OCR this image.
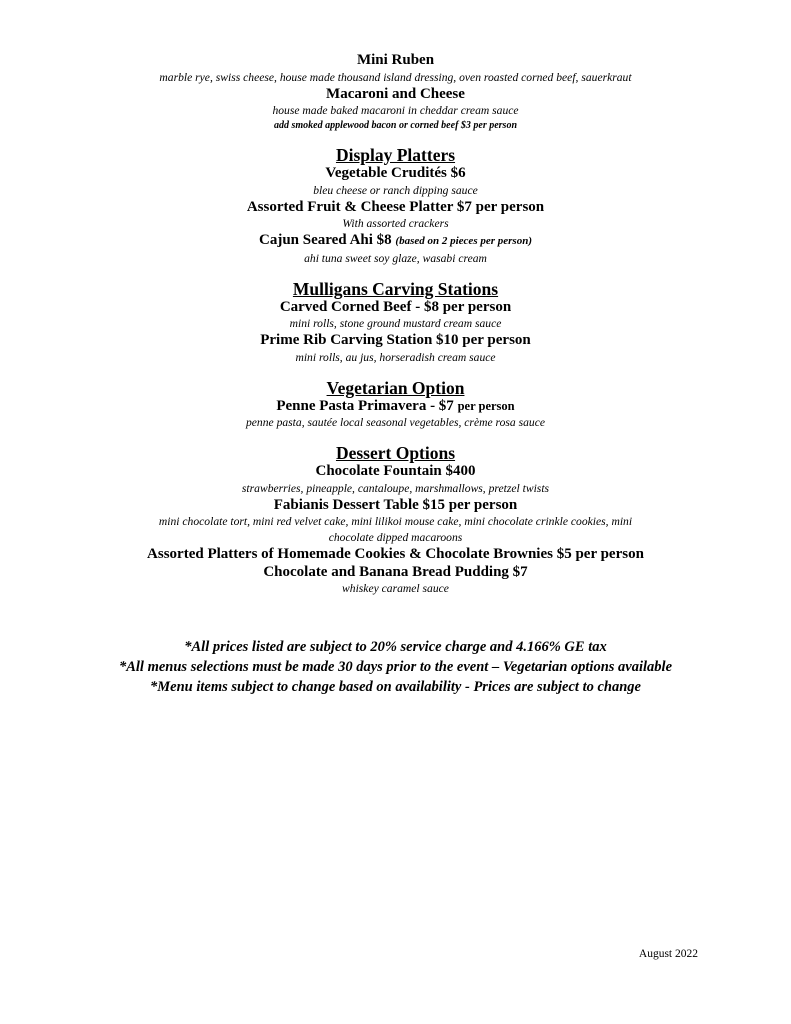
Mini Ruben
marble rye, swiss cheese, house made thousand island dressing, oven roasted corned beef, sauerkraut
Macaroni and Cheese
house made baked macaroni in cheddar cream sauce
add smoked applewood bacon or corned beef $3 per person
Display Platters
Vegetable Crudités $6
bleu cheese or ranch dipping sauce
Assorted Fruit & Cheese Platter $7 per person
With assorted crackers
Cajun Seared Ahi $8 (based on 2 pieces per person)
ahi tuna sweet soy glaze, wasabi cream
Mulligans Carving Stations
Carved Corned Beef - $8 per person
mini rolls, stone ground mustard cream sauce
Prime Rib Carving Station $10 per person
mini rolls, au jus, horseradish cream sauce
Vegetarian Option
Penne Pasta Primavera - $7 per person
penne pasta, sautée local seasonal vegetables, crème rosa sauce
Dessert Options
Chocolate Fountain $400
strawberries, pineapple, cantaloupe, marshmallows, pretzel twists
Fabianis Dessert Table $15 per person
mini chocolate tort, mini red velvet cake, mini lilikoi mouse cake, mini chocolate crinkle cookies, mini
chocolate dipped macaroons
Assorted Platters of Homemade Cookies & Chocolate Brownies $5 per person
Chocolate and Banana Bread Pudding $7
whiskey caramel sauce
*All prices listed are subject to 20% service charge and 4.166% GE tax
*All menus selections must be made 30 days prior to the event – Vegetarian options available
*Menu items subject to change based on availability - Prices are subject to change
August 2022
